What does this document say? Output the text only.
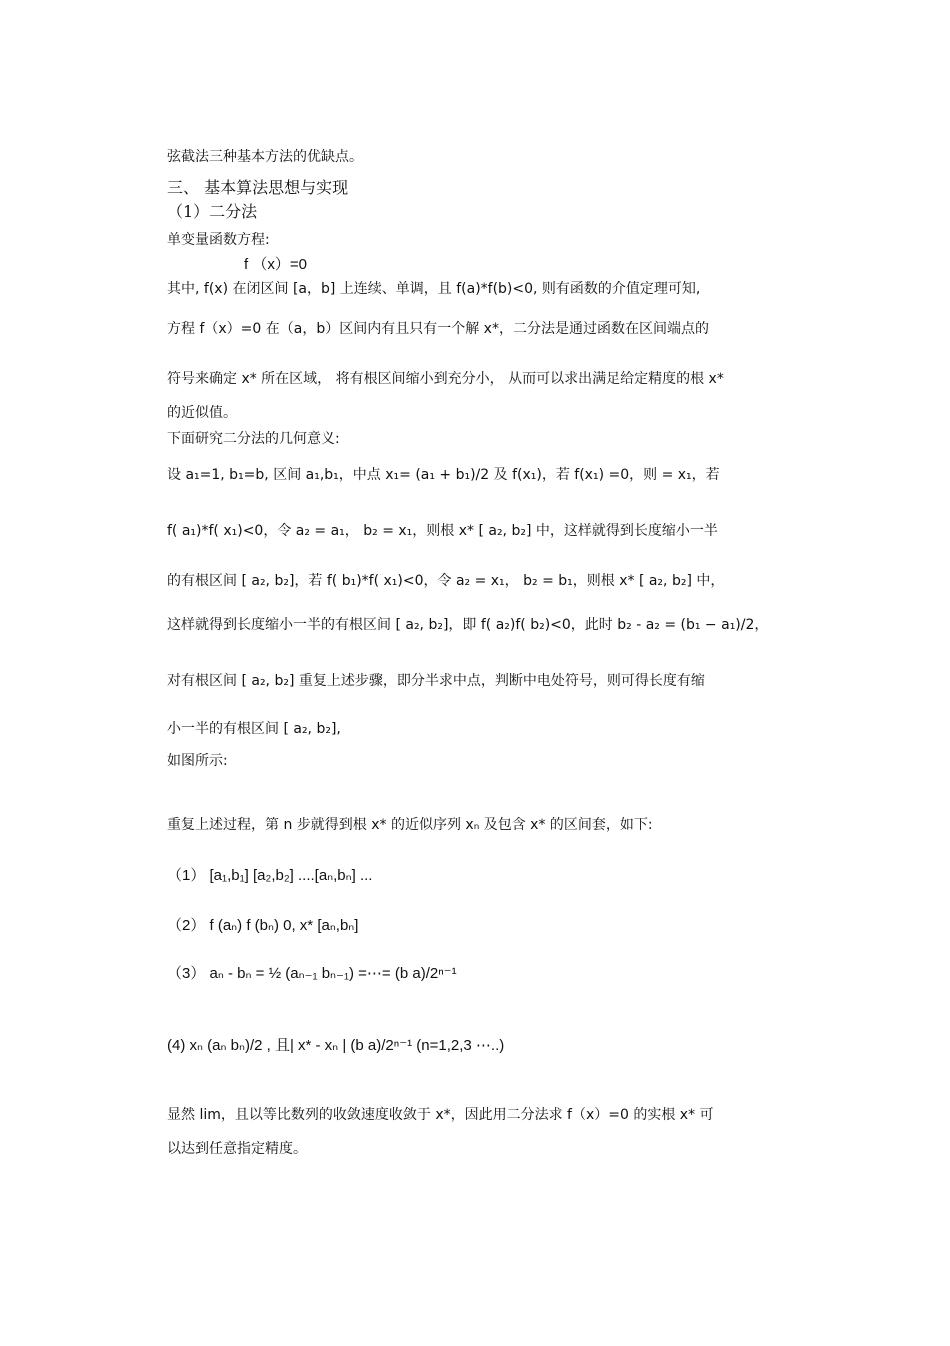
弦截法三种基本方法的优缺点。
三、 基本算法思想与实现
（1）二分法
单变量函数方程:
f （x）=0
其中, f(x) 在闭区间 [a，b] 上连续、单调，且 f(a)*f(b)<0, 则有函数的介值定理可知,
方程 f（x）=0 在（a，b）区间内有且只有一个解 x*，二分法是通过函数在区间端点的
符号来确定 x* 所在区域， 将有根区间缩小到充分小， 从而可以求出满足给定精度的根 x*
的近似值。
下面研究二分法的几何意义:
设 a₁=1, b₁=b, 区间 a₁,b₁，中点 x₁= (a₁ + b₁)/2 及 f(x₁)，若 f(x₁) =0，则 = x₁，若
f( a₁)*f( x₁)<0，令 a₂ = a₁， b₂ = x₁，则根 x* [ a₂, b₂] 中，这样就得到长度缩小一半
的有根区间 [ a₂, b₂]，若 f( b₁)*f( x₁)<0，令 a₂ = x₁， b₂ = b₁，则根 x* [ a₂, b₂] 中，
这样就得到长度缩小一半的有根区间 [ a₂, b₂]，即 f( a₂)f( b₂)<0，此时 b₂ - a₂ = (b₁ − a₁)/2，
对有根区间 [ a₂, b₂] 重复上述步骤，即分半求中点，判断中电处符号，则可得长度有缩
小一半的有根区间 [ a₂, b₂],
如图所示:
重复上述过程，第 n 步就得到根 x* 的近似序列 xₙ 及包含 x* 的区间套，如下:
（1） [a₁,b₁] [a₂,b₂] ....[aₙ,bₙ] ...
（2） f (aₙ) f (bₙ) 0, x* [aₙ,bₙ]
（3） aₙ - bₙ = ½ (aₙ₋₁ bₙ₋₁) =⋯= (b a)/2ⁿ⁻¹
(4) xₙ (aₙ bₙ)/2 , 且| x* - xₙ | (b a)/2ⁿ⁻¹ (n=1,2,3 ⋯..)
显然 lim，且以等比数列的收敛速度收敛于 x*，因此用二分法求 f（x）=0 的实根 x* 可
以达到任意指定精度。
